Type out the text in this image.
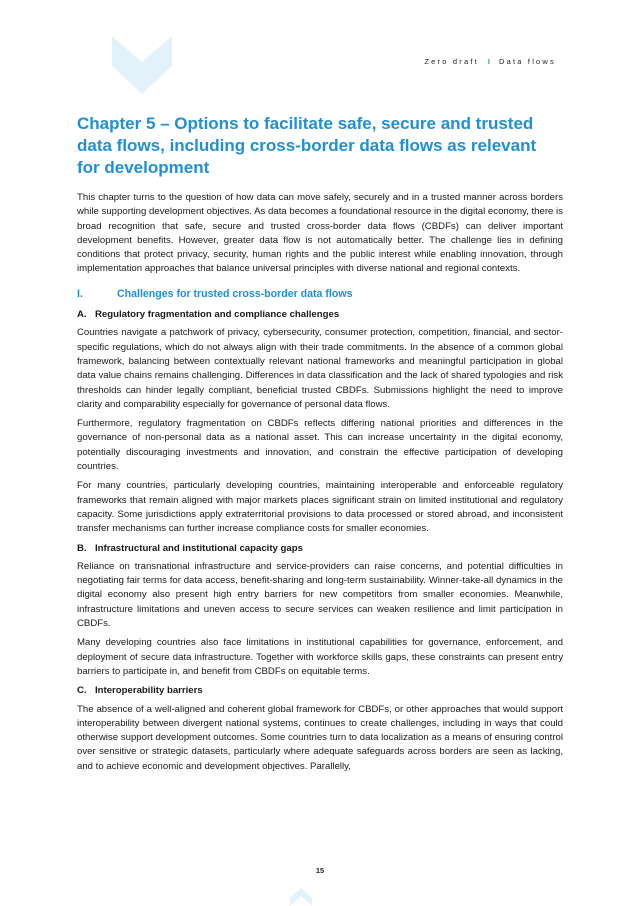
Zero draft I Data flows
Chapter 5 – Options to facilitate safe, secure and trusted data flows, including cross-border data flows as relevant for development

This chapter turns to the question of how data can move safely, securely and in a trusted manner across borders while supporting development objectives. As data becomes a foundational resource in the digital economy, there is broad recognition that safe, secure and trusted cross-border data flows (CBDFs) can deliver important development benefits. However, greater data flow is not automatically better. The challenge lies in defining conditions that protect privacy, security, human rights and the public interest while enabling innovation, through implementation approaches that balance universal principles with diverse national and regional contexts.

I.	Challenges for trusted cross-border data flows
A. Regulatory fragmentation and compliance challenges

Countries navigate a patchwork of privacy, cybersecurity, consumer protection, competition, financial, and sector-specific regulations, which do not always align with their trade commitments. In the absence of a common global framework, balancing between contextually relevant national frameworks and meaningful participation in global data value chains remains challenging. Differences in data classification and the lack of shared typologies and risk thresholds can hinder legally compliant, beneficial trusted CBDFs. Submissions highlight the need to improve clarity and comparability especially for governance of personal data flows.

Furthermore, regulatory fragmentation on CBDFs reflects differing national priorities and differences in the governance of non-personal data as a national asset. This can increase uncertainty in the digital economy, potentially discouraging investments and innovation, and constrain the effective participation of developing countries.

For many countries, particularly developing countries, maintaining interoperable and enforceable regulatory frameworks that remain aligned with major markets places significant strain on limited institutional and regulatory capacity. Some jurisdictions apply extraterritorial provisions to data processed or stored abroad, and inconsistent transfer mechanisms can further increase compliance costs for smaller economies.

B. Infrastructural and institutional capacity gaps

Reliance on transnational infrastructure and service-providers can raise concerns, and potential difficulties in negotiating fair terms for data access, benefit-sharing and long-term sustainability. Winner-take-all dynamics in the digital economy also present high entry barriers for new competitors from smaller economies. Meanwhile, infrastructure limitations and uneven access to secure services can weaken resilience and limit participation in CBDFs.

Many developing countries also face limitations in institutional capabilities for governance, enforcement, and deployment of secure data infrastructure. Together with workforce skills gaps, these constraints can present entry barriers to participate in, and benefit from CBDFs on equitable terms.

C. Interoperability barriers

The absence of a well-aligned and coherent global framework for CBDFs, or other approaches that would support interoperability between divergent national systems, continues to create challenges, including in ways that could otherwise support development outcomes. Some countries turn to data localization as a means of ensuring control over sensitive or strategic datasets, particularly where adequate safeguards across borders are seen as lacking, and to achieve economic and development objectives. Parallelly,

15
